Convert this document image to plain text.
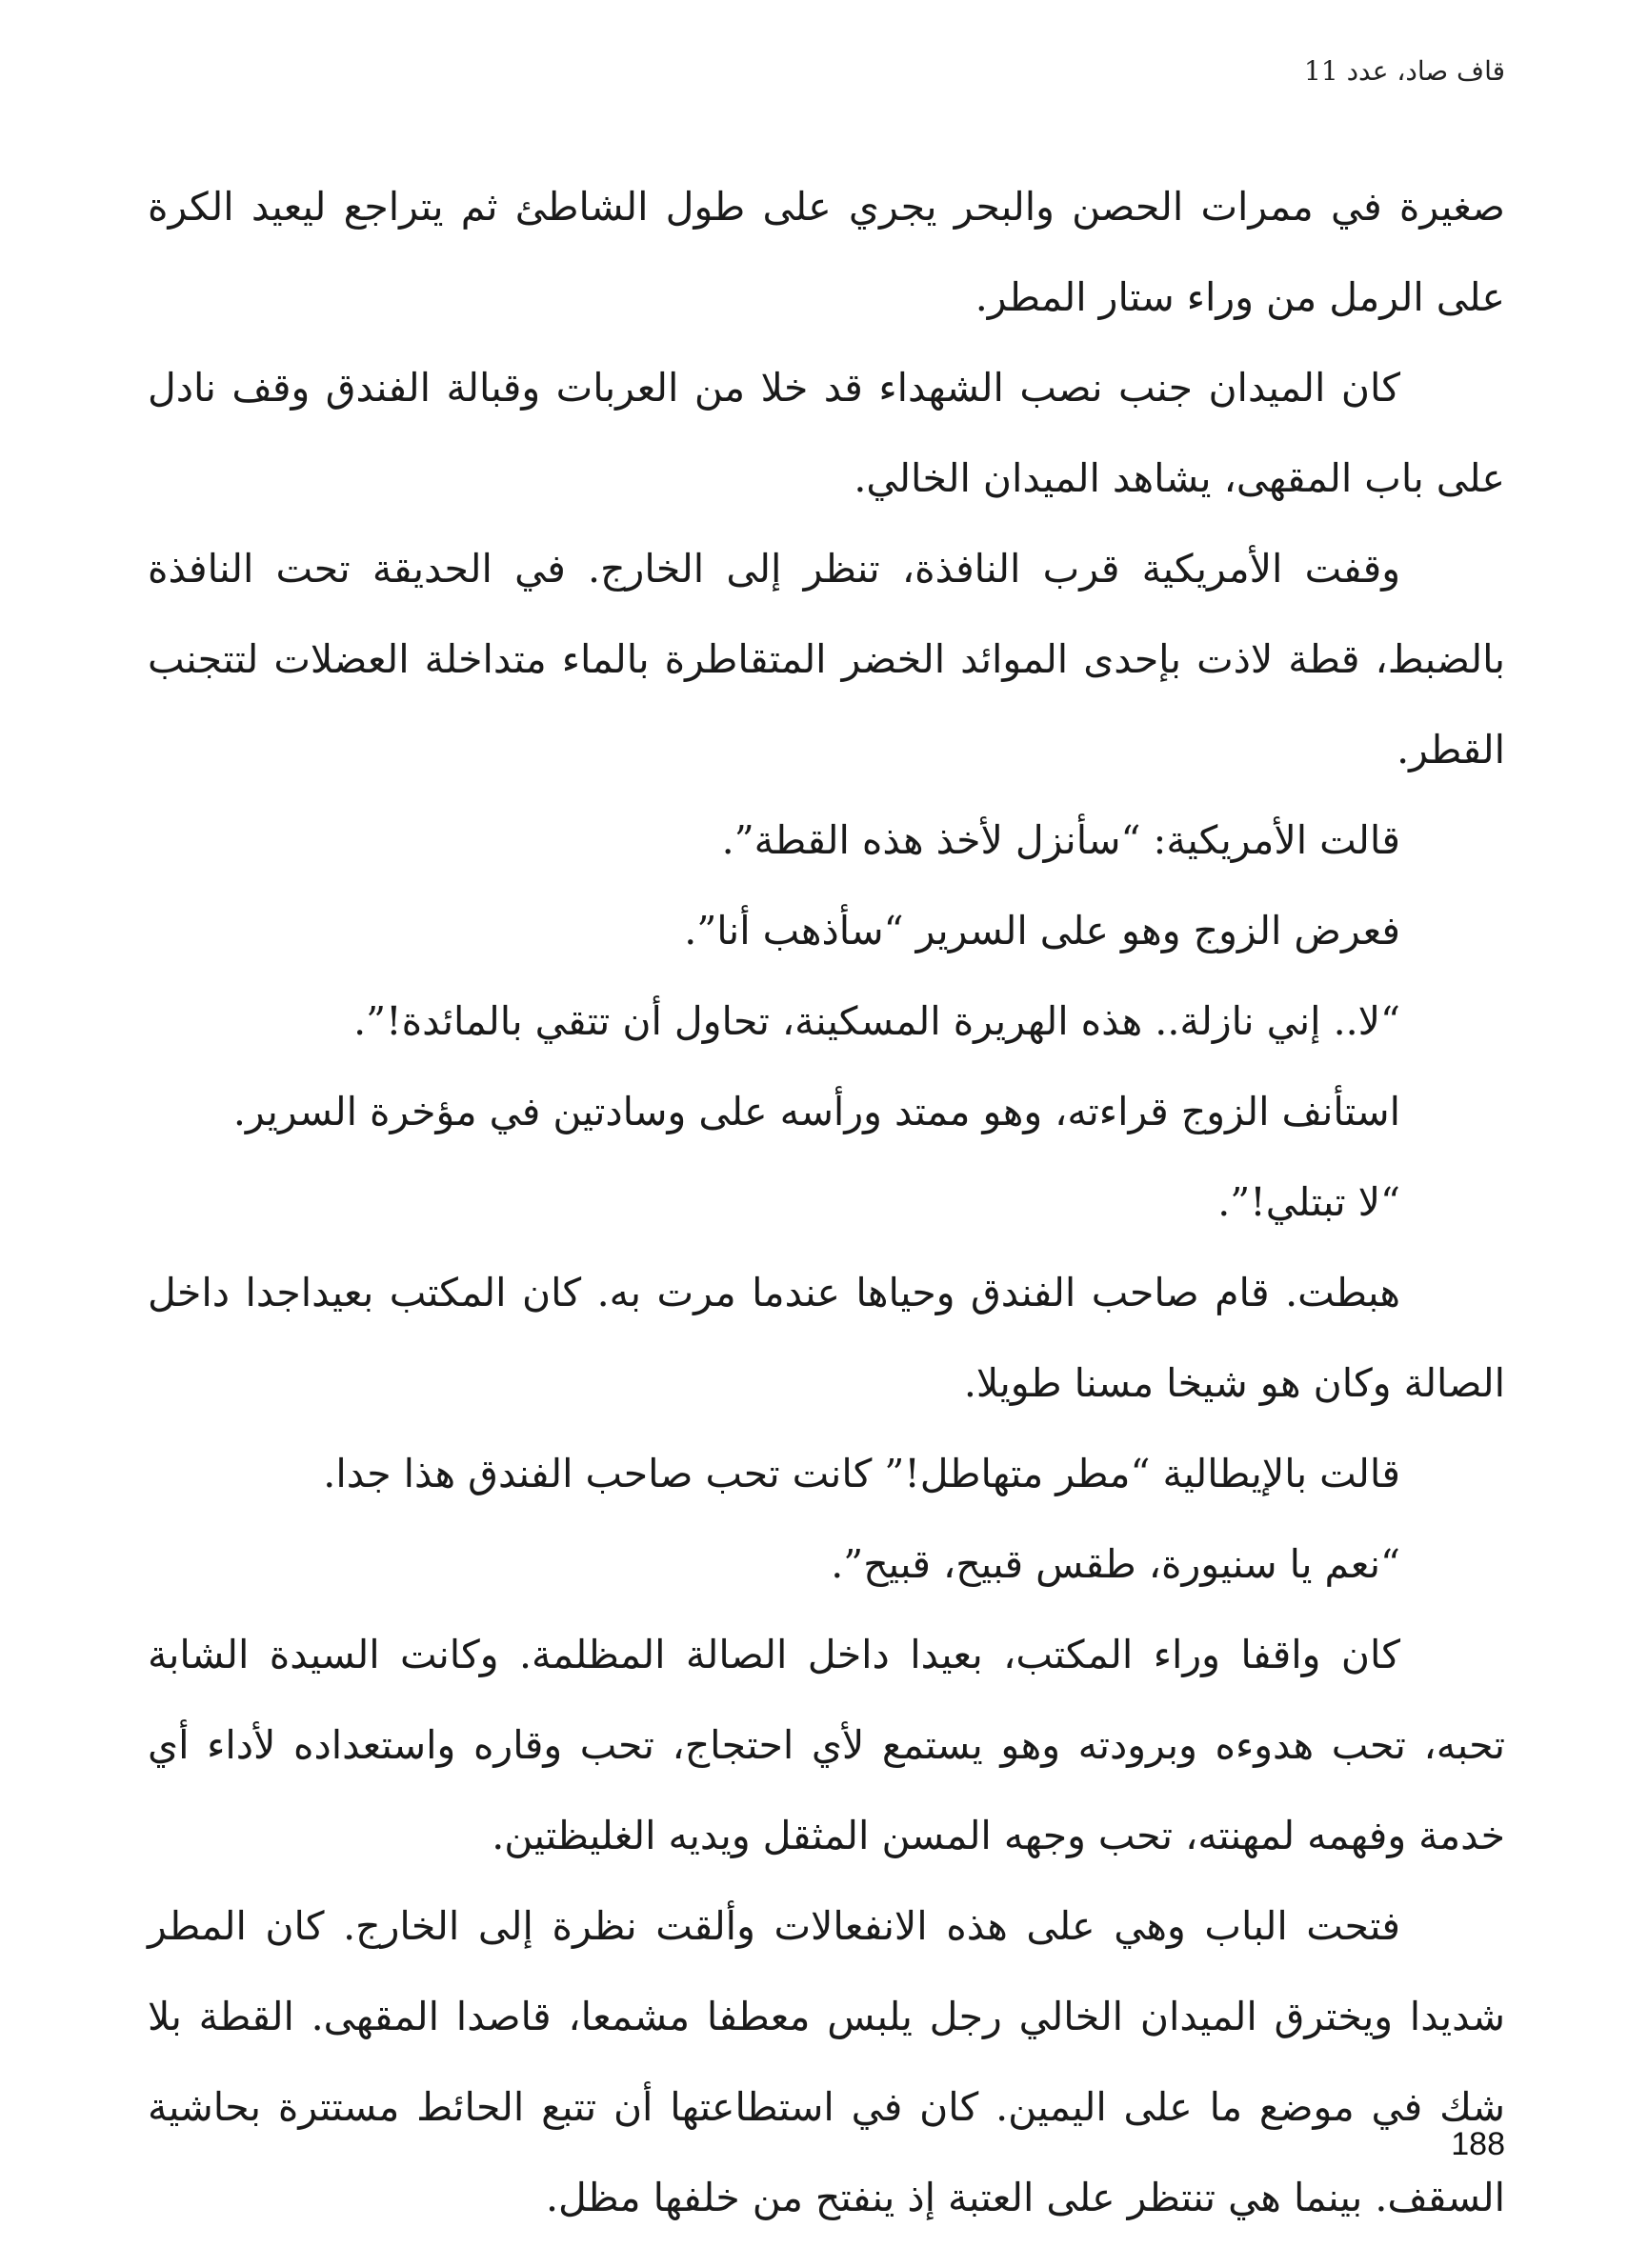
قاف صاد، عدد 11

صغيرة في ممرات الحصن والبحر يجري على طول الشاطئ ثم يتراجع ليعيد الكرة على الرمل من وراء ستار المطر.

كان الميدان جنب نصب الشهداء قد خلا من العربات وقبالة الفندق وقف نادل على باب المقهى، يشاهد الميدان الخالي.

وقفت الأمريكية قرب النافذة، تنظر إلى الخارج. في الحديقة تحت النافذة بالضبط، قطة لاذت بإحدى الموائد الخضر المتقاطرة بالماء متداخلة العضلات لتتجنب القطر.

قالت الأمريكية: “سأنزل لأخذ هذه القطة”.

فعرض الزوج وهو على السرير “سأذهب أنا”.

“لا.. إني نازلة.. هذه الهريرة المسكينة، تحاول أن تتقي بالمائدة!”.

استأنف الزوج قراءته، وهو ممتد ورأسه على وسادتين في مؤخرة السرير.

“لا تبتلي!”.

هبطت. قام صاحب الفندق وحياها عندما مرت به. كان المكتب بعيداجدا داخل الصالة وكان هو شيخا مسنا طويلا.

قالت بالإيطالية “مطر متهاطل!” كانت تحب صاحب الفندق هذا جدا.

“نعم يا سنيورة، طقس قبيح، قبيح”.

كان واقفا وراء المكتب، بعيدا داخل الصالة المظلمة. وكانت السيدة الشابة تحبه، تحب هدوءه وبرودته وهو يستمع لأي احتجاج، تحب وقاره واستعداده لأداء أي خدمة وفهمه لمهنته، تحب وجهه المسن المثقل ويديه الغليظتين.

فتحت الباب وهي على هذه الانفعالات وألقت نظرة إلى الخارج. كان المطر شديدا ويخترق الميدان الخالي رجل يلبس معطفا مشمعا، قاصدا المقهى. القطة بلا شك في موضع ما على اليمين. كان في استطاعتها أن تتبع الحائط مستترة بحاشية السقف. بينما هي تنتظر على العتبة إذ ينفتح من خلفها مظل.

188
